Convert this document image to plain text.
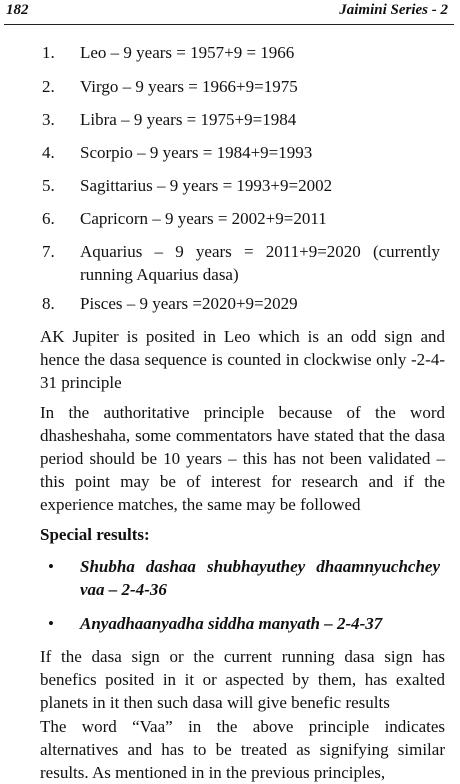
182	Jaimini Series - 2
1. Leo – 9 years = 1957+9 = 1966
2. Virgo – 9 years = 1966+9=1975
3. Libra – 9 years = 1975+9=1984
4. Scorpio – 9 years = 1984+9=1993
5. Sagittarius – 9 years = 1993+9=2002
6. Capricorn – 9 years = 2002+9=2011
7. Aquarius – 9 years = 2011+9=2020 (currently running Aquarius dasa)
8. Pisces – 9 years =2020+9=2029
AK Jupiter is posited in Leo which is an odd sign and hence the dasa sequence is counted in clockwise only -2-4-31 principle
In the authoritative principle because of the word dhasheshaha, some commentators have stated that the dasa period should be 10 years – this has not been validated – this point may be of interest for research and if the experience matches, the same may be followed
Special results:
• Shubha dashaa shubhayuthey dhaamnyuchchey vaa – 2-4-36
• Anyadhaanyadha siddha manyath – 2-4-37
If the dasa sign or the current running dasa sign has benefics posited in it or aspected by them, has exalted planets in it then such dasa will give benefic results
The word “Vaa” in the above principle indicates alternatives and has to be treated as signifying similar results. As mentioned in in the previous principles,
